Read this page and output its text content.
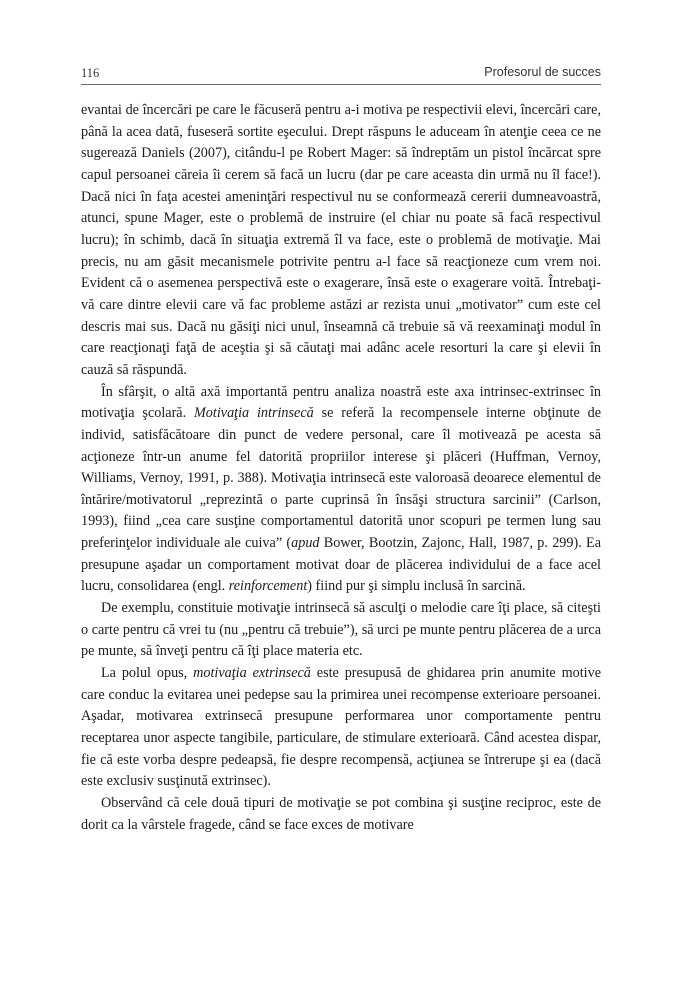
116	Profesorul de succes

evantai de încercări pe care le făcuseră pentru a-i motiva pe respectivii elevi, încercări care, până la acea dată, fuseseră sortite eşecului. Drept răspuns le aduceam în atenţie ceea ce ne sugerează Daniels (2007), citându-l pe Robert Mager: să îndreptăm un pistol încărcat spre capul persoanei căreia îi cerem să facă un lucru (dar pe care aceasta din urmă nu îl face!). Dacă nici în faţa acestei ameninţări respectivul nu se conformează cererii dumneavoastră, atunci, spune Mager, este o problemă de instruire (el chiar nu poate să facă respectivul lucru); în schimb, dacă în situaţia extremă îl va face, este o problemă de motivaţie. Mai precis, nu am găsit mecanismele potrivite pentru a-l face să reacţioneze cum vrem noi. Evident că o asemenea perspectivă este o exagerare, însă este o exagerare voită. Întrebaţi-vă care dintre elevii care vă fac probleme astăzi ar rezista unui „motivator” cum este cel descris mai sus. Dacă nu găsiţi nici unul, înseamnă că trebuie să vă reexaminaţi modul în care reacţionaţi faţă de aceştia şi să căutaţi mai adânc acele resorturi la care şi elevii în cauză să răspundă.

În sfârşit, o altă axă importantă pentru analiza noastră este axa intrinsec-extrinsec în motivaţia şcolară. Motivaţia intrinsecă se referă la recompensele interne obţinute de individ, satisfăcătoare din punct de vedere personal, care îl motivează pe acesta să acţioneze într-un anume fel datorită propriilor interese şi plăceri (Huffman, Vernoy, Williams, Vernoy, 1991, p. 388). Motivaţia intrinsecă este valoroasă deoarece elementul de întărire/motivatorul „reprezintă o parte cuprinsă în însăşi structura sarcinii” (Carlson, 1993), fiind „cea care susţine comportamentul datorită unor scopuri pe termen lung sau preferinţelor individuale ale cuiva” (apud Bower, Bootzin, Zajonc, Hall, 1987, p. 299). Ea presupune aşadar un comportament motivat doar de plăcerea individului de a face acel lucru, consolidarea (engl. reinforcement) fiind pur şi simplu inclusă în sarcină.

De exemplu, constituie motivaţie intrinsecă să asculţi o melodie care îţi place, să citeşti o carte pentru că vrei tu (nu „pentru că trebuie”), să urci pe munte pentru plăcerea de a urca pe munte, să înveţi pentru că îţi place materia etc.

La polul opus, motivaţia extrinsecă este presupusă de ghidarea prin anumite motive care conduc la evitarea unei pedepse sau la primirea unei recompense exterioare persoanei. Aşadar, motivarea extrinsecă presupune performarea unor comportamente pentru receptarea unor aspecte tangibile, particulare, de stimulare exterioară. Când acestea dispar, fie că este vorba despre pedeapsă, fie despre recompensă, acţiunea se întrerupe şi ea (dacă este exclusiv susţinută extrinsec).

Observând că cele două tipuri de motivaţie se pot combina şi susţine reciproc, este de dorit ca la vârstele fragede, când se face exces de motivare
